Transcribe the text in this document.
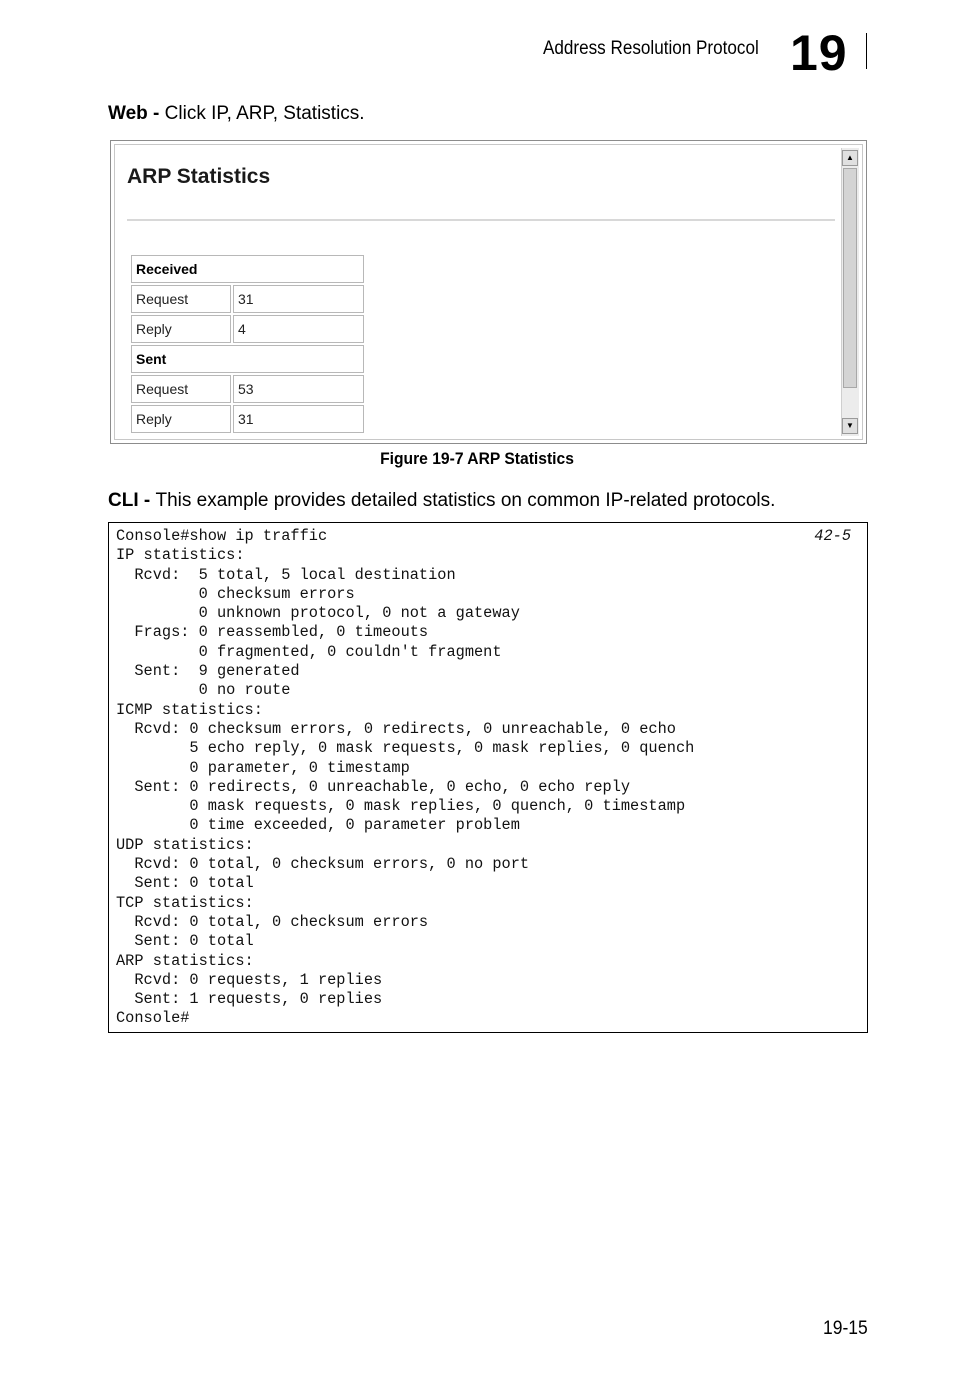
Address Resolution Protocol 19
Web - Click IP, ARP, Statistics.
ARP Statistics
Received	
Request	31
Reply	4
Sent	
Request	53
Reply	31
▲
▼
Figure 19-7 ARP Statistics
CLI - This example provides detailed statistics on common IP-related protocols.
Console#show ip traffic
IP statistics:
Rcvd:  5 total, 5 local destination
0 checksum errors
0 unknown protocol, 0 not a gateway
Frags: 0 reassembled, 0 timeouts
0 fragmented, 0 couldn't fragment
Sent:  9 generated
0 no route
ICMP statistics:
Rcvd: 0 checksum errors, 0 redirects, 0 unreachable, 0 echo
5 echo reply, 0 mask requests, 0 mask replies, 0 quench
0 parameter, 0 timestamp
Sent: 0 redirects, 0 unreachable, 0 echo, 0 echo reply
0 mask requests, 0 mask replies, 0 quench, 0 timestamp
0 time exceeded, 0 parameter problem
UDP statistics:
Rcvd: 0 total, 0 checksum errors, 0 no port
Sent: 0 total
TCP statistics:
Rcvd: 0 total, 0 checksum errors
Sent: 0 total
ARP statistics:
Rcvd: 0 requests, 1 replies
Sent: 1 requests, 0 replies
Console#
42-5
19-15
